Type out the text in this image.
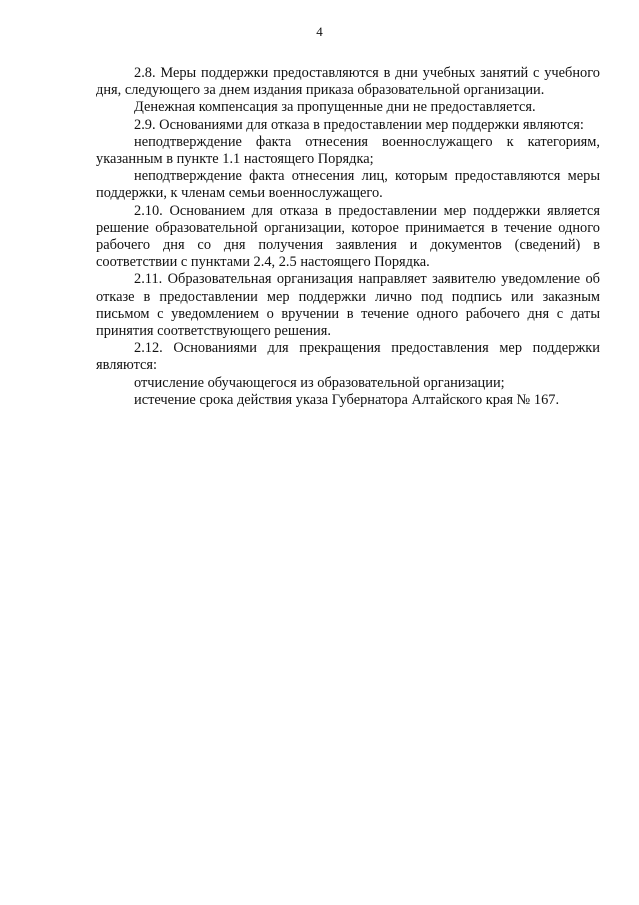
4

2.8. Меры поддержки предоставляются в дни учебных занятий с учебного дня, следующего за днем издания приказа образовательной организации.

Денежная компенсация за пропущенные дни не предоставляется.

2.9. Основаниями для отказа в предоставлении мер поддержки являются:

неподтверждение факта отнесения военнослужащего к категориям, указанным в пункте 1.1 настоящего Порядка;

неподтверждение факта отнесения лиц, которым предоставляются меры поддержки, к членам семьи военнослужащего.

2.10. Основанием для отказа в предоставлении мер поддержки является решение образовательной организации, которое принимается в течение одного рабочего дня со дня получения заявления и документов (сведений) в соответствии с пунктами 2.4, 2.5 настоящего Порядка.

2.11. Образовательная организация направляет заявителю уведомление об отказе в предоставлении мер поддержки лично под подпись или заказным письмом с уведомлением о вручении в течение одного рабочего дня с даты принятия соответствующего решения.

2.12. Основаниями для прекращения предоставления мер поддержки являются:

отчисление обучающегося из образовательной организации;

истечение срока действия указа Губернатора Алтайского края № 167.
